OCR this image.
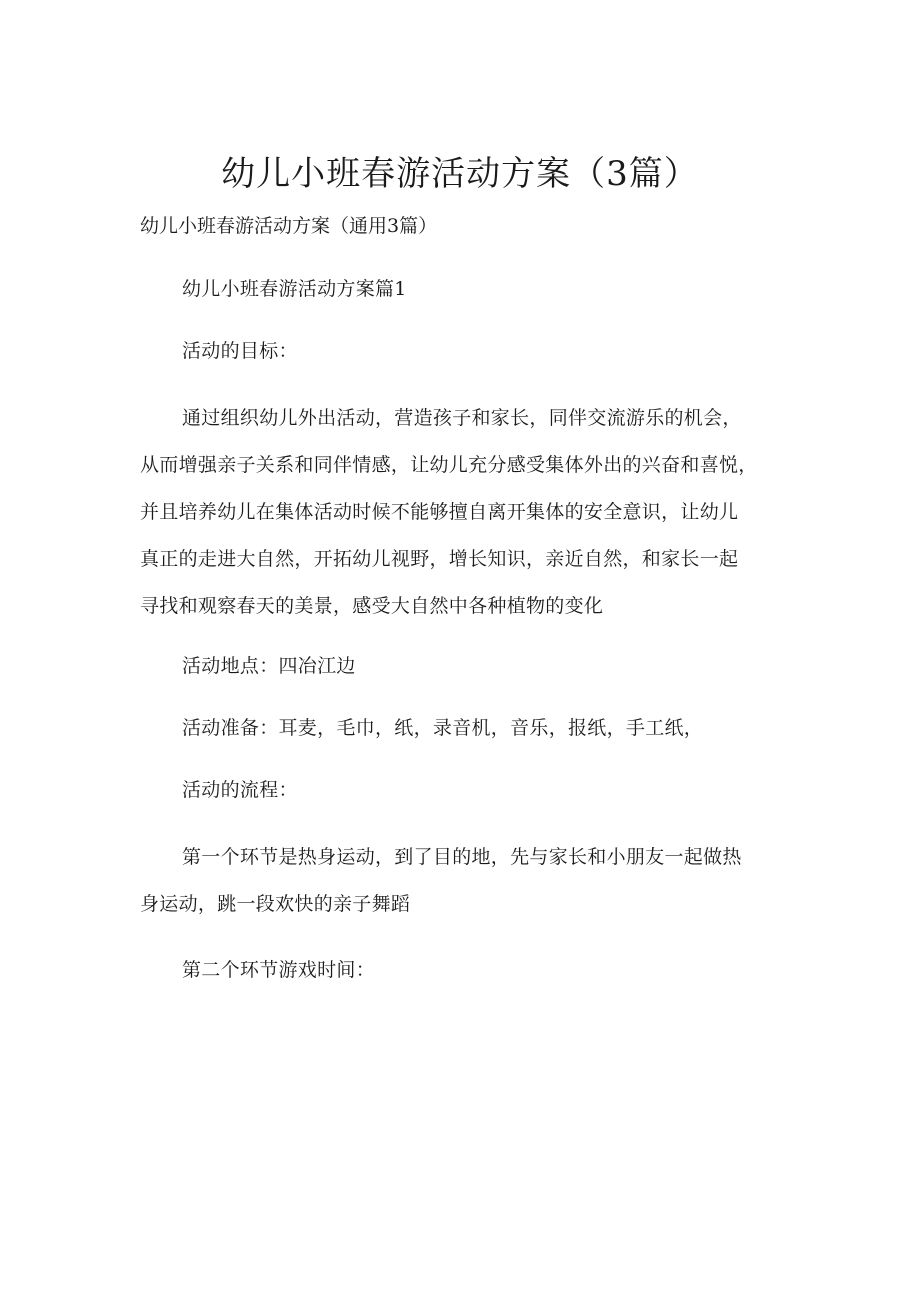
幼儿小班春游活动方案（3篇）

幼儿小班春游活动方案（通用3篇）

幼儿小班春游活动方案篇1

活动的目标：

通过组织幼儿外出活动，营造孩子和家长，同伴交流游乐的机会，
从而增强亲子关系和同伴情感，让幼儿充分感受集体外出的兴奋和喜悦，
并且培养幼儿在集体活动时候不能够擅自离开集体的安全意识，让幼儿
真正的走进大自然，开拓幼儿视野，增长知识，亲近自然，和家长一起
寻找和观察春天的美景，感受大自然中各种植物的变化

活动地点：四冶江边

活动准备：耳麦，毛巾，纸，录音机，音乐，报纸，手工纸，

活动的流程：

第一个环节是热身运动，到了目的地，先与家长和小朋友一起做热
身运动，跳一段欢快的亲子舞蹈

第二个环节游戏时间：
